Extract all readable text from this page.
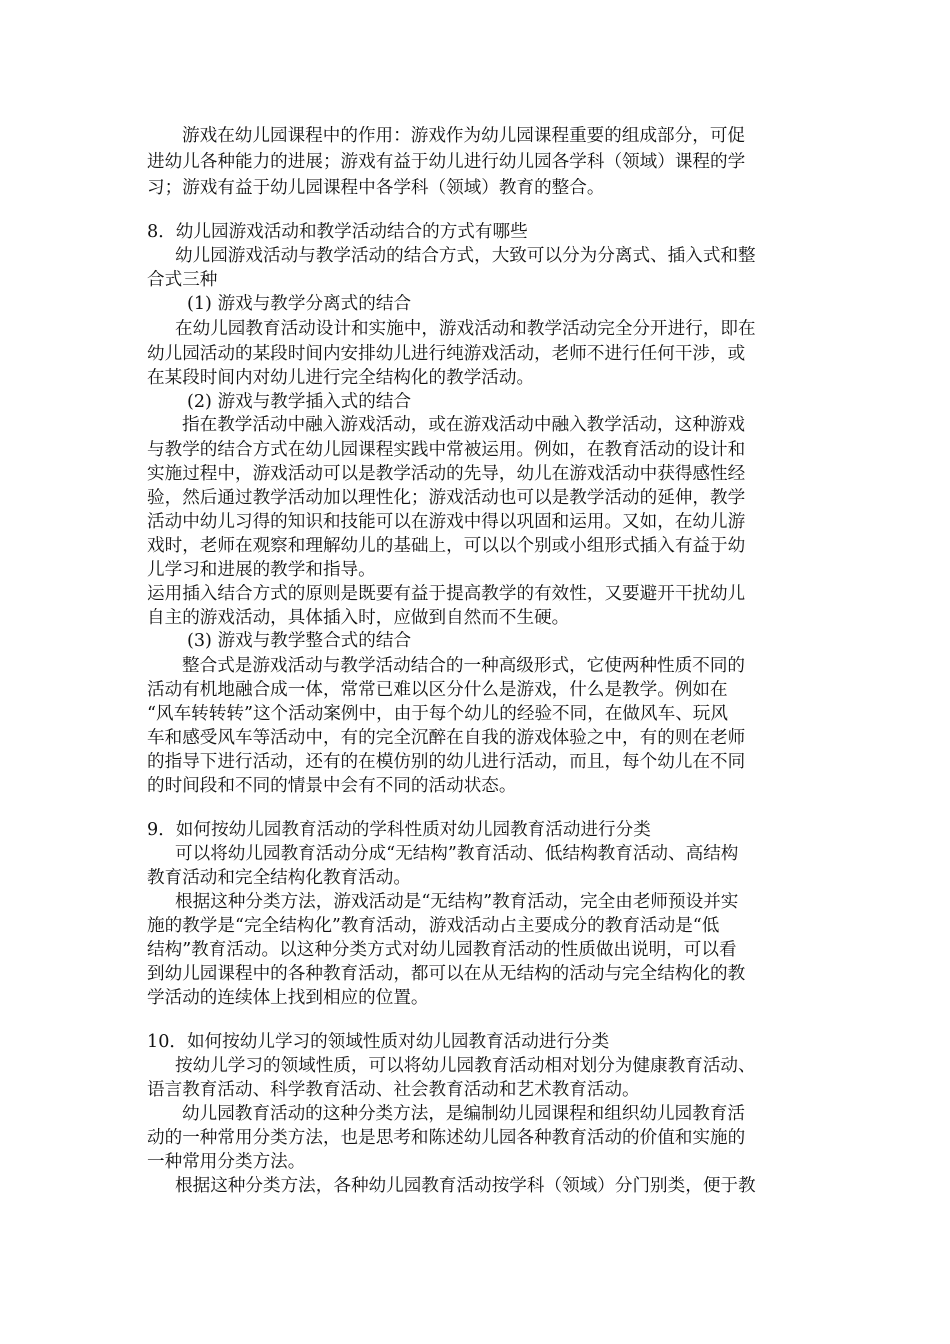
游戏在幼儿园课程中的作用：游戏作为幼儿园课程重要的组成部分，可促
进幼儿各种能力的进展；游戏有益于幼儿进行幼儿园各学科（领域）课程的学
习；游戏有益于幼儿园课程中各学科（领域）教育的整合。
8．幼儿园游戏活动和教学活动结合的方式有哪些
幼儿园游戏活动与教学活动的结合方式，大致可以分为分离式、插入式和整
合式三种
(1) 游戏与教学分离式的结合
在幼儿园教育活动设计和实施中，游戏活动和教学活动完全分开进行，即在
幼儿园活动的某段时间内安排幼儿进行纯游戏活动，老师不进行任何干涉，或
在某段时间内对幼儿进行完全结构化的教学活动。
(2) 游戏与教学插入式的结合
指在教学活动中融入游戏活动，或在游戏活动中融入教学活动，这种游戏
与教学的结合方式在幼儿园课程实践中常被运用。例如，在教育活动的设计和
实施过程中，游戏活动可以是教学活动的先导，幼儿在游戏活动中获得感性经
验，然后通过教学活动加以理性化；游戏活动也可以是教学活动的延伸，教学
活动中幼儿习得的知识和技能可以在游戏中得以巩固和运用。又如，在幼儿游
戏时，老师在观察和理解幼儿的基础上，可以以个别或小组形式插入有益于幼
儿学习和进展的教学和指导。
运用插入结合方式的原则是既要有益于提高教学的有效性，又要避开干扰幼儿
自主的游戏活动，具体插入时，应做到自然而不生硬。
(3) 游戏与教学整合式的结合
整合式是游戏活动与教学活动结合的一种高级形式，它使两种性质不同的
活动有机地融合成一体，常常已难以区分什么是游戏，什么是教学。例如在
“风车转转转”这个活动案例中，由于每个幼儿的经验不同，在做风车、玩风
车和感受风车等活动中，有的完全沉醉在自我的游戏体验之中，有的则在老师
的指导下进行活动，还有的在模仿别的幼儿进行活动，而且，每个幼儿在不同
的时间段和不同的情景中会有不同的活动状态。
9．如何按幼儿园教育活动的学科性质对幼儿园教育活动进行分类
可以将幼儿园教育活动分成“无结构”教育活动、低结构教育活动、高结构
教育活动和完全结构化教育活动。
根据这种分类方法，游戏活动是“无结构”教育活动，完全由老师预设并实
施的教学是“完全结构化”教育活动，游戏活动占主要成分的教育活动是“低
结构”教育活动。以这种分类方式对幼儿园教育活动的性质做出说明，可以看
到幼儿园课程中的各种教育活动，都可以在从无结构的活动与完全结构化的教
学活动的连续体上找到相应的位置。
10．如何按幼儿学习的领域性质对幼儿园教育活动进行分类
按幼儿学习的领域性质，可以将幼儿园教育活动相对划分为健康教育活动、
语言教育活动、科学教育活动、社会教育活动和艺术教育活动。
幼儿园教育活动的这种分类方法，是编制幼儿园课程和组织幼儿园教育活
动的一种常用分类方法，也是思考和陈述幼儿园各种教育活动的价值和实施的
一种常用分类方法。
根据这种分类方法，各种幼儿园教育活动按学科（领域）分门别类，便于教
